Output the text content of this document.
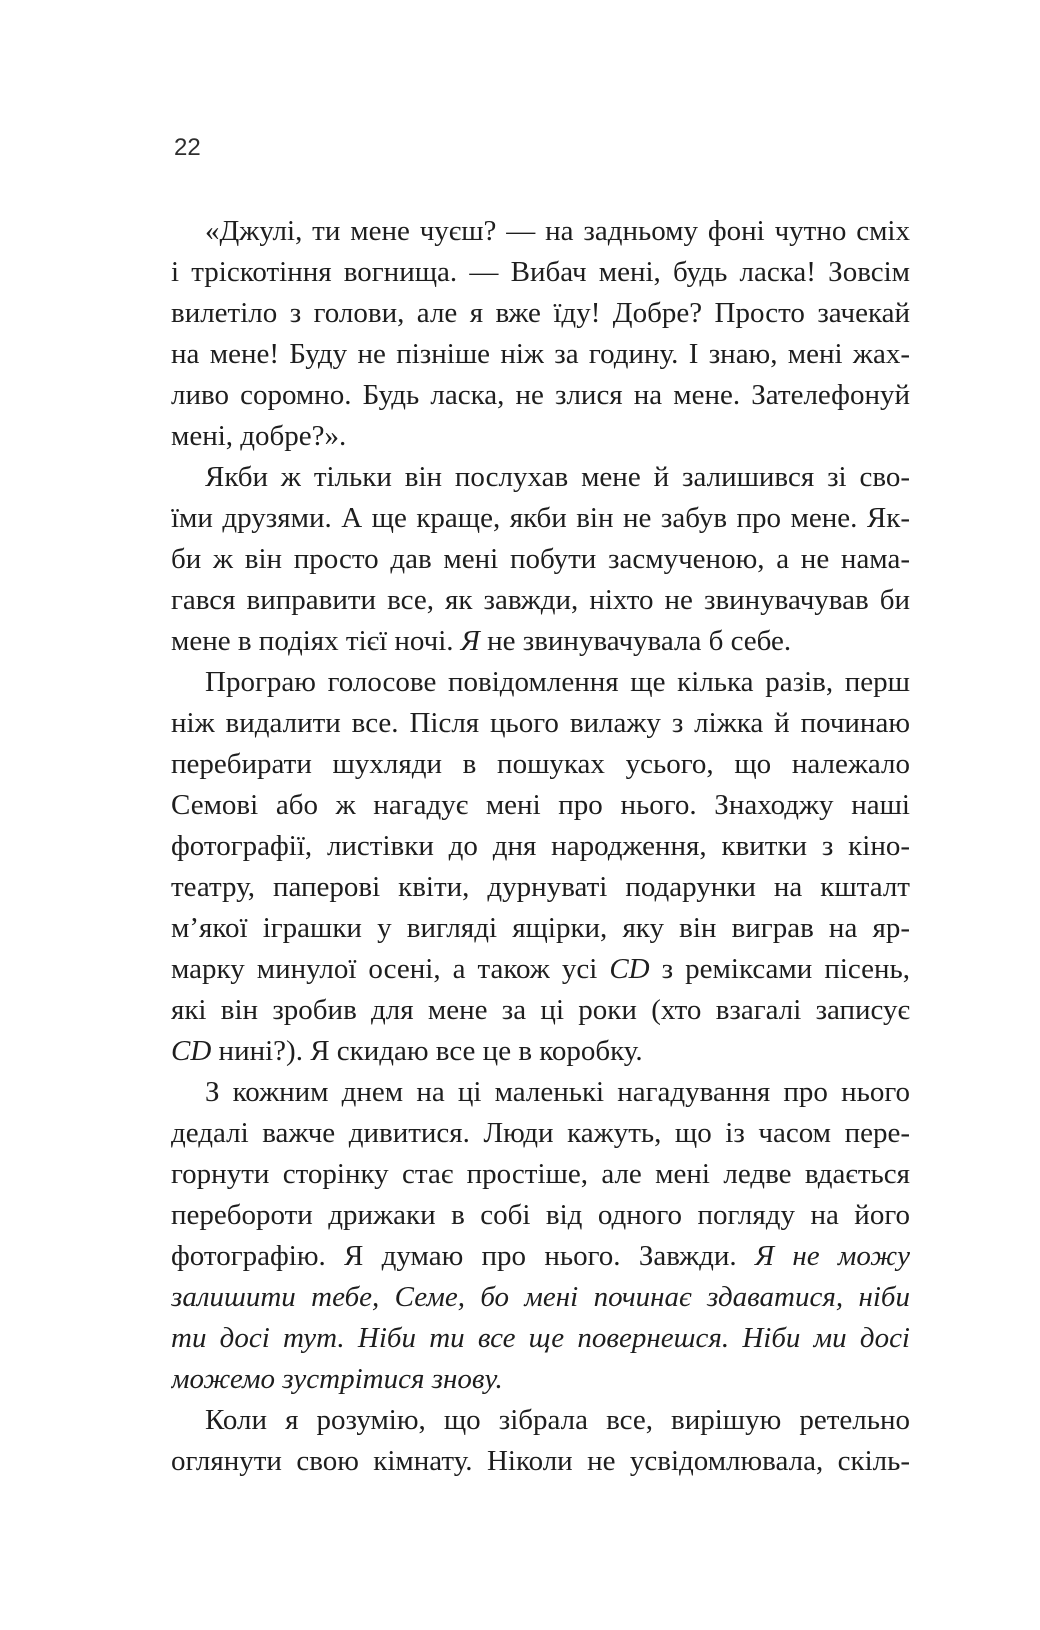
22
«Джулі, ти мене чуєш? — на задньому фоні чутно сміх
і тріскотіння вогнища. — Вибач мені, будь ласка! Зовсім
вилетіло з голови, але я вже їду! Добре? Просто зачекай
на мене! Буду не пізніше ніж за годину. І знаю, мені жах-
ливо соромно. Будь ласка, не злися на мене. Зателефонуй
мені, добре?».
Якби ж тільки він послухав мене й залишився зі сво-
їми друзями. А ще краще, якби він не забув про мене. Як-
би ж він просто дав мені побути засмученою, а не нама-
гався виправити все, як завжди, ніхто не звинувачував би
мене в подіях тієї ночі. Я не звинувачувала б себе.
Програю голосове повідомлення ще кілька разів, перш
ніж видалити все. Після цього вилажу з ліжка й починаю
перебирати шухляди в пошуках усього, що належало
Семові або ж нагадує мені про нього. Знаходжу наші
фотографії, листівки до дня народження, квитки з кіно-
театру, паперові квіти, дурнуваті подарунки на кшталт
м’якої іграшки у вигляді ящірки, яку він виграв на яр-
марку минулої осені, а також усі CD з реміксами пісень,
які він зробив для мене за ці роки (хто взагалі записує
CD нині?). Я скидаю все це в коробку.
З кожним днем на ці маленькі нагадування про нього
дедалі важче дивитися. Люди кажуть, що із часом пере-
горнути сторінку стає простіше, але мені ледве вдається
перебороти дрижаки в собі від одного погляду на його
фотографію. Я думаю про нього. Завжди. Я не можу
залишити тебе, Семе, бо мені починає здаватися, ніби
ти досі тут. Ніби ти все ще повернешся. Ніби ми досі
можемо зустрітися знову.
Коли я розумію, що зібрала все, вирішую ретельно
оглянути свою кімнату. Ніколи не усвідомлювала, скіль-
